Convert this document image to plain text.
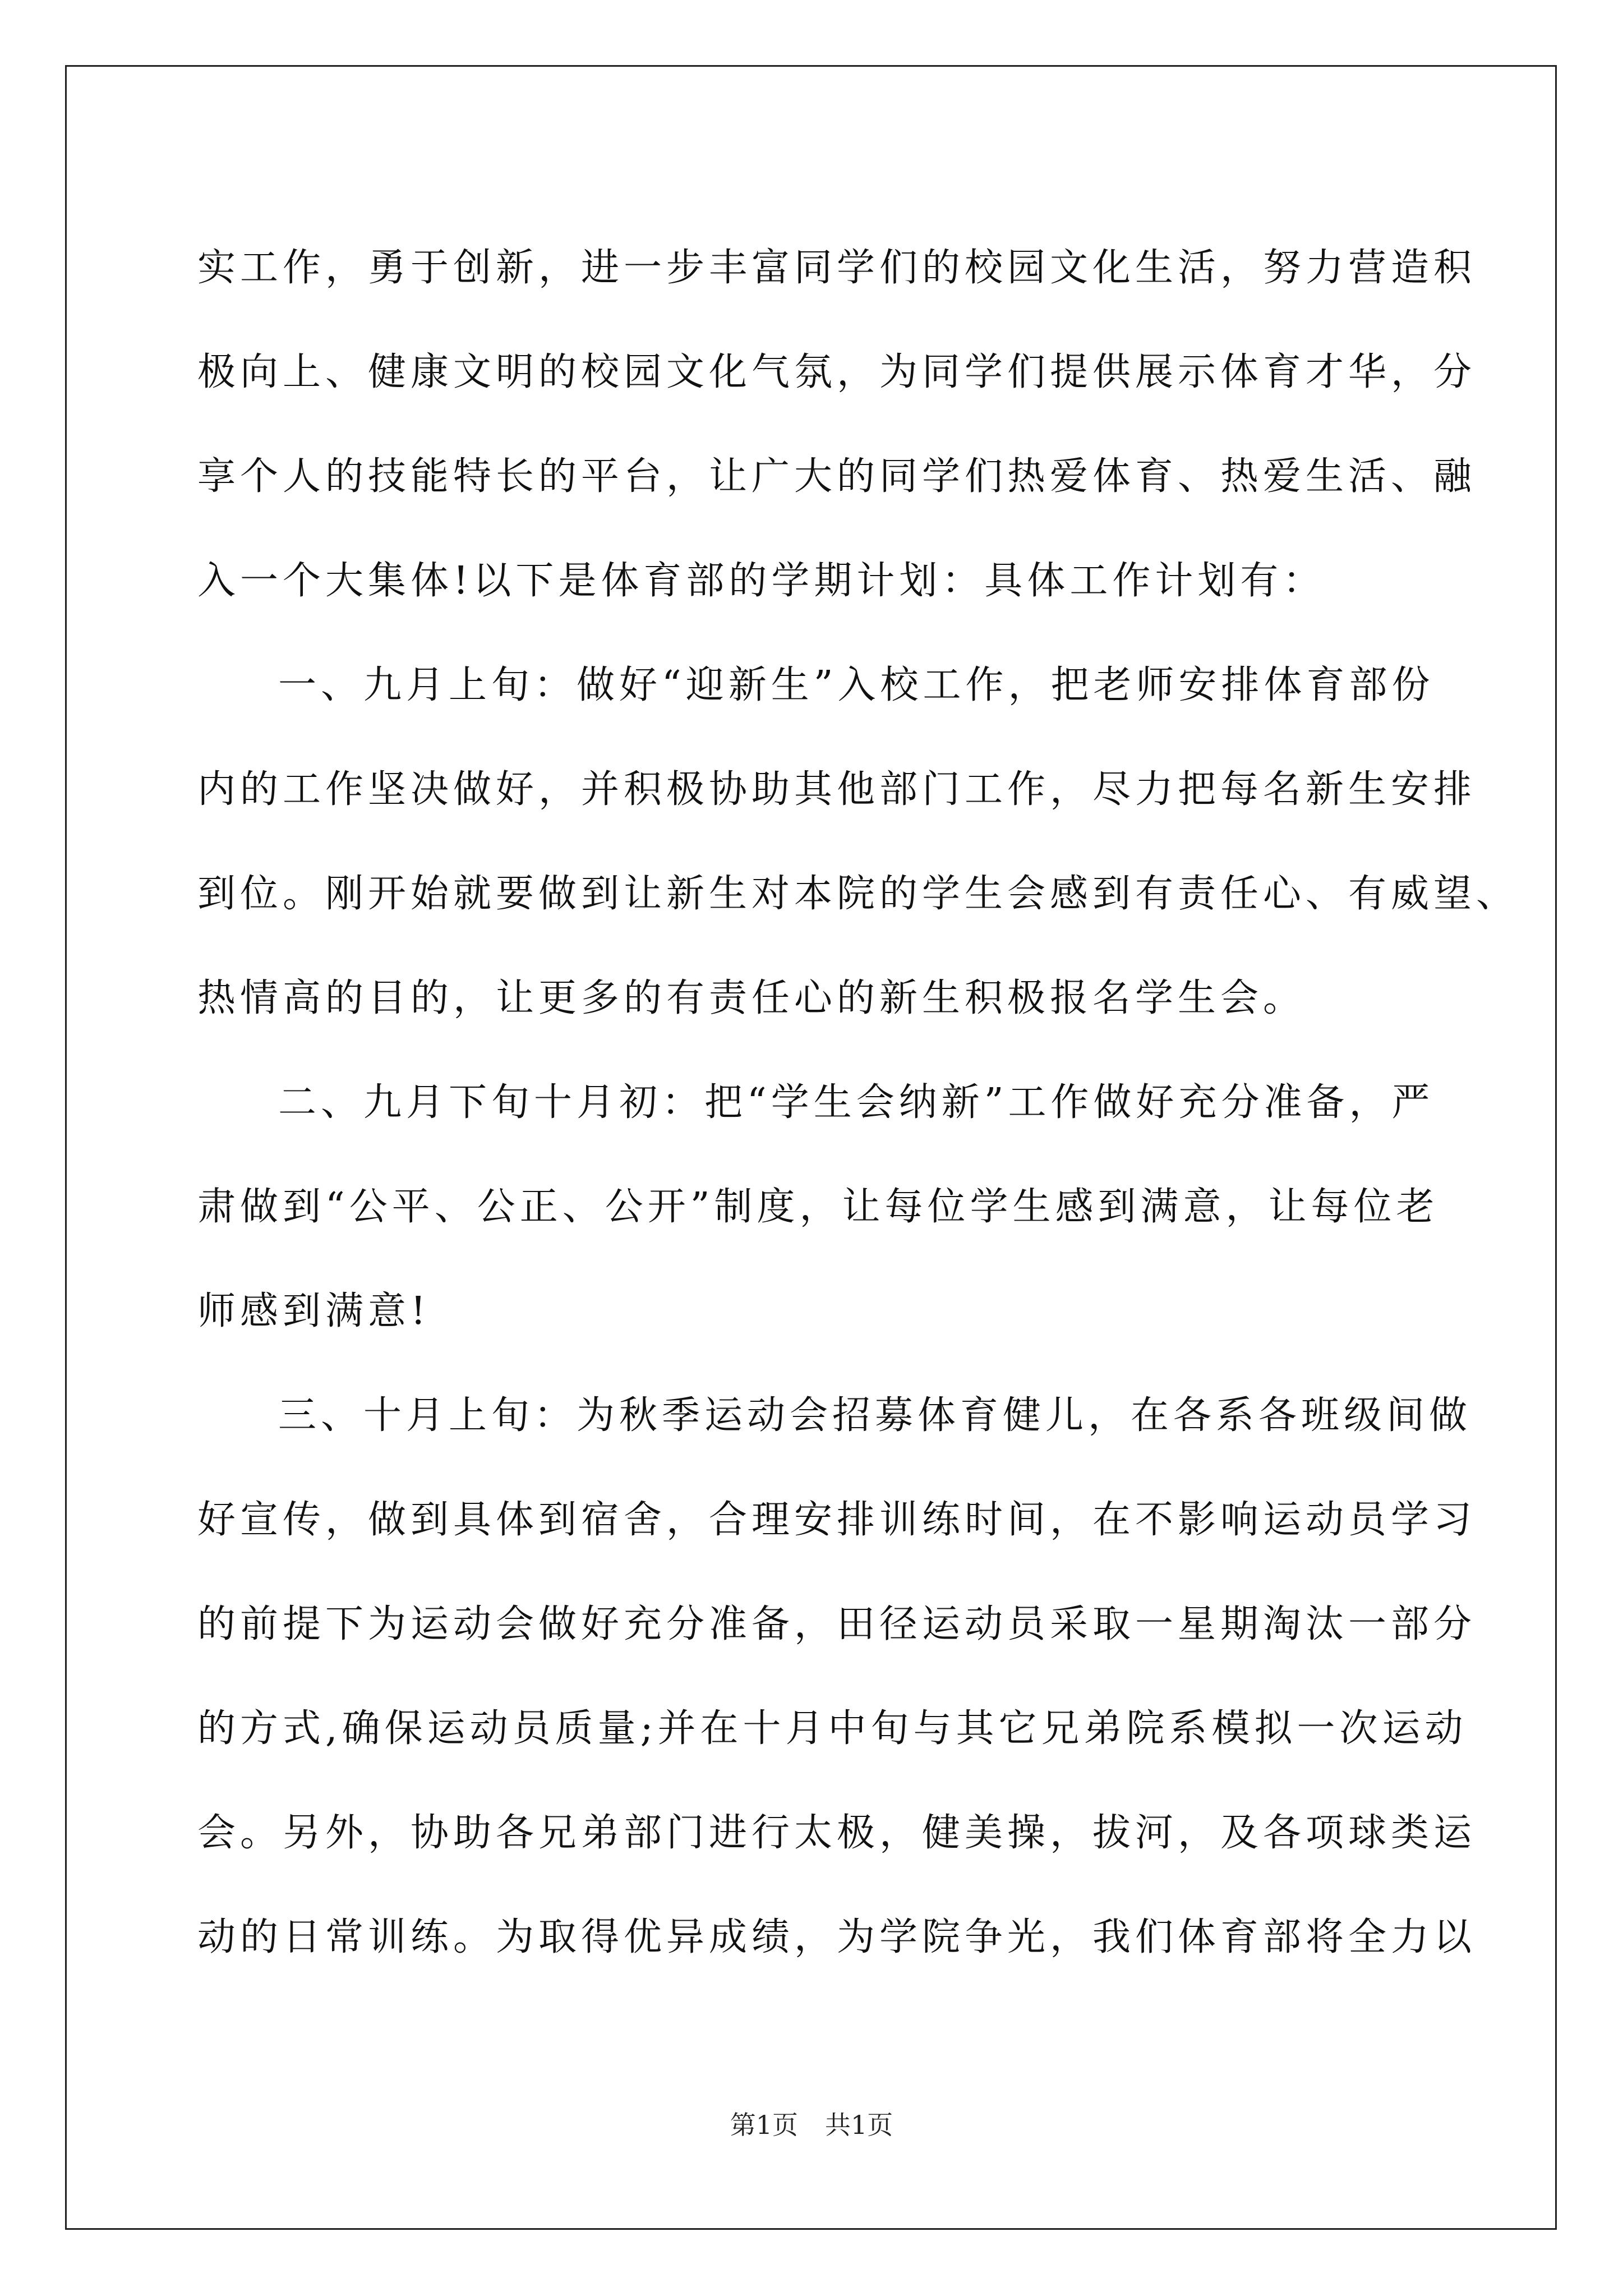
实工作，勇于创新，进一步丰富同学们的校园文化生活，努力营造积
极向上、健康文明的校园文化气氛，为同学们提供展示体育才华，分
享个人的技能特长的平台，让广大的同学们热爱体育、热爱生活、融
入一个大集体!以下是体育部的学期计划：具体工作计划有：
一、九月上旬：做好“迎新生”入校工作，把老师安排体育部份
内的工作坚决做好，并积极协助其他部门工作，尽力把每名新生安排
到位。刚开始就要做到让新生对本院的学生会感到有责任心、有威望、
热情高的目的，让更多的有责任心的新生积极报名学生会。
二、九月下旬十月初：把“学生会纳新”工作做好充分准备，严
肃做到“公平、公正、公开”制度，让每位学生感到满意，让每位老
师感到满意!
三、十月上旬：为秋季运动会招募体育健儿，在各系各班级间做
好宣传，做到具体到宿舍，合理安排训练时间，在不影响运动员学习
的前提下为运动会做好充分准备，田径运动员采取一星期淘汰一部分
的方式,确保运动员质量;并在十月中旬与其它兄弟院系模拟一次运动
会。另外，协助各兄弟部门进行太极，健美操，拔河，及各项球类运
动的日常训练。为取得优异成绩，为学院争光，我们体育部将全力以
第1页 共1页
